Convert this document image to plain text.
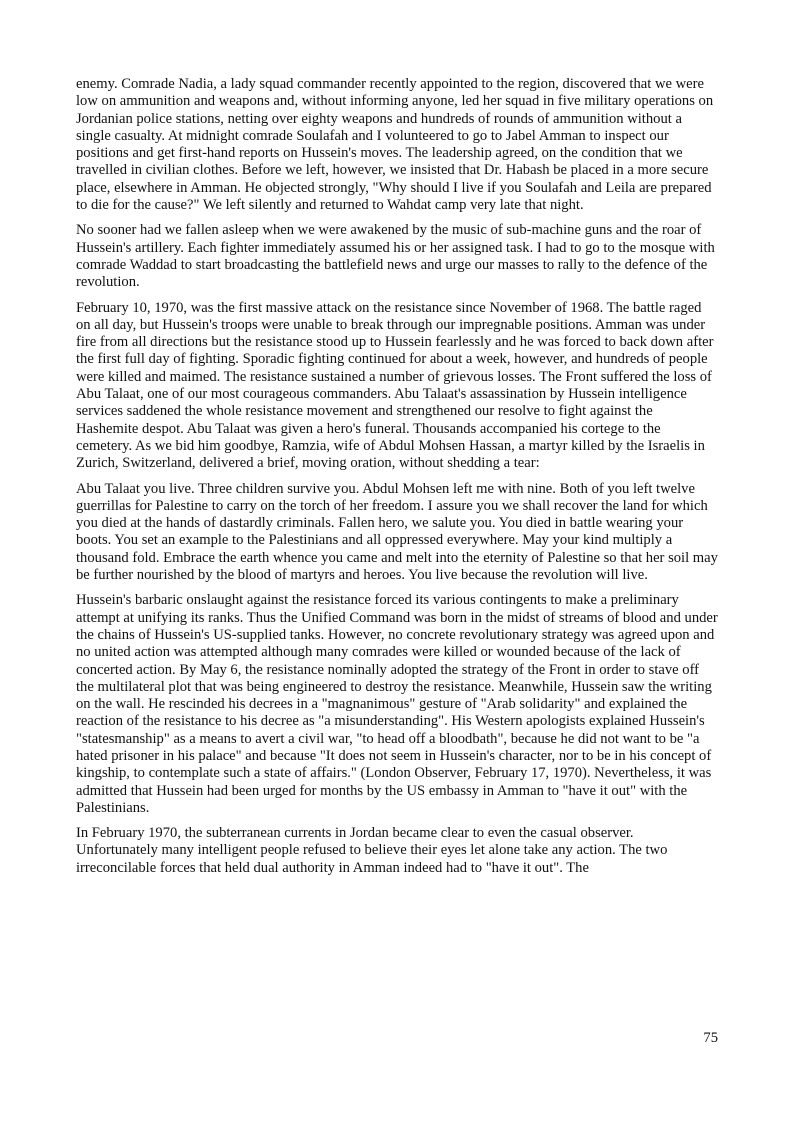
enemy. Comrade Nadia, a lady squad commander recently appointed to the region, discovered that we were low on ammunition and weapons and, without informing anyone, led her squad in five military operations on Jordanian police stations, netting over eighty weapons and hundreds of rounds of ammunition without a single casualty. At midnight comrade Soulafah and I volunteered to go to Jabel Amman to inspect our positions and get first-hand reports on Hussein's moves. The leadership agreed, on the condition that we travelled in civilian clothes. Before we left, however, we insisted that Dr. Habash be placed in a more secure place, elsewhere in Amman. He objected strongly, "Why should I live if you Soulafah and Leila are prepared to die for the cause?" We left silently and returned to Wahdat camp very late that night.

No sooner had we fallen asleep when we were awakened by the music of sub-machine guns and the roar of Hussein's artillery. Each fighter immediately assumed his or her assigned task. I had to go to the mosque with comrade Waddad to start broadcasting the battlefield news and urge our masses to rally to the defence of the revolution.

February 10, 1970, was the first massive attack on the resistance since November of 1968. The battle raged on all day, but Hussein's troops were unable to break through our impregnable positions. Amman was under fire from all directions but the resistance stood up to Hussein fearlessly and he was forced to back down after the first full day of fighting. Sporadic fighting continued for about a week, however, and hundreds of people were killed and maimed. The resistance sustained a number of grievous losses. The Front suffered the loss of Abu Talaat, one of our most courageous commanders. Abu Talaat's assassination by Hussein intelligence services saddened the whole resistance movement and strengthened our resolve to fight against the Hashemite despot. Abu Talaat was given a hero's funeral. Thousands accompanied his cortege to the cemetery. As we bid him goodbye, Ramzia, wife of Abdul Mohsen Hassan, a martyr killed by the Israelis in Zurich, Switzerland, delivered a brief, moving oration, without shedding a tear:

Abu Talaat you live. Three children survive you. Abdul Mohsen left me with nine. Both of you left twelve guerrillas for Palestine to carry on the torch of her freedom. I assure you we shall recover the land for which you died at the hands of dastardly criminals. Fallen hero, we salute you. You died in battle wearing your boots. You set an example to the Palestinians and all oppressed everywhere. May your kind multiply a thousand fold. Embrace the earth whence you came and melt into the eternity of Palestine so that her soil may be further nourished by the blood of martyrs and heroes. You live because the revolution will live.

Hussein's barbaric onslaught against the resistance forced its various contingents to make a preliminary attempt at unifying its ranks. Thus the Unified Command was born in the midst of streams of blood and under the chains of Hussein's US-supplied tanks. However, no concrete revolutionary strategy was agreed upon and no united action was attempted although many comrades were killed or wounded because of the lack of concerted action. By May 6, the resistance nominally adopted the strategy of the Front in order to stave off the multilateral plot that was being engineered to destroy the resistance. Meanwhile, Hussein saw the writing on the wall. He rescinded his decrees in a "magnanimous" gesture of "Arab solidarity" and explained the reaction of the resistance to his decree as "a misunderstanding". His Western apologists explained Hussein's "statesmanship" as a means to avert a civil war, "to head off a bloodbath", because he did not want to be "a hated prisoner in his palace" and because "It does not seem in Hussein's character, nor to be in his concept of kingship, to contemplate such a state of affairs." (London Observer, February 17, 1970). Nevertheless, it was admitted that Hussein had been urged for months by the US embassy in Amman to "have it out" with the Palestinians.

In February 1970, the subterranean currents in Jordan became clear to even the casual observer. Unfortunately many intelligent people refused to believe their eyes let alone take any action. The two irreconcilable forces that held dual authority in Amman indeed had to "have it out". The

75
